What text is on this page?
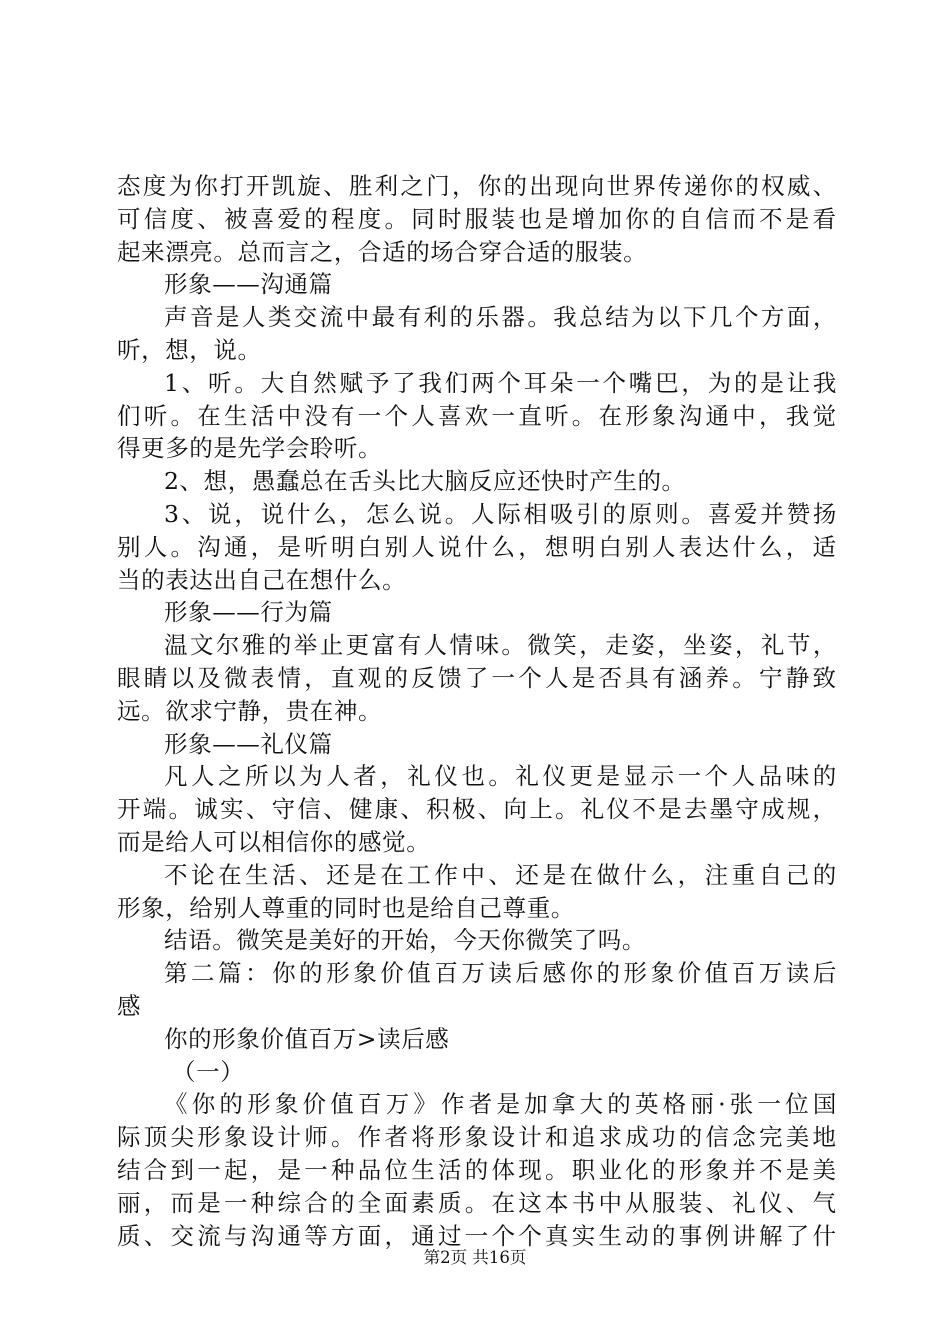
态 度 为 你 打 开 凯 旋 、 胜 利 之 门 ， 你 的 出 现 向 世 界 传 递 你 的 权 威 、
可 信 度 、 被 喜 爱 的 程 度 。 同 时 服 装 也 是 增 加 你 的 自 信 而 不 是 看
起来漂亮。总而言之，合适的场合穿合适的服装。
形象——沟通篇
声 音 是 人 类 交 流 中 最 有 利 的 乐 器 。 我 总 结 为 以 下 几 个 方 面 ，
听，想，说。
1 、 听 。 大 自 然 赋 予 了 我 们 两 个 耳 朵 一 个 嘴 巴 ， 为 的 是 让 我
们 听 。 在 生 活 中 没 有 一 个 人 喜 欢 一 直 听 。 在 形 象 沟 通 中 ， 我 觉
得更多的是先学会聆听。
2、想，愚蠢总在舌头比大脑反应还快时产生的。
3 、 说 ， 说 什 么 ， 怎 么 说 。 人 际 相 吸 引 的 原 则 。 喜 爱 并 赞 扬
别 人 。 沟 通 ， 是 听 明 白 别 人 说 什 么 ， 想 明 白 别 人 表 达 什 么 ， 适
当的表达出自己在想什么。
形象——行为篇
温 文 尔 雅 的 举 止 更 富 有 人 情 味 。 微 笑 ， 走 姿 ， 坐 姿 ， 礼 节 ，
眼 睛 以 及 微 表 情 ， 直 观 的 反 馈 了 一 个 人 是 否 具 有 涵 养 。 宁 静 致
远。欲求宁静，贵在神。
形象——礼仪篇
凡 人 之 所 以 为 人 者 ， 礼 仪 也 。 礼 仪 更 是 显 示 一 个 人 品 味 的
开 端 。 诚 实 、 守 信 、 健 康 、 积 极 、 向 上 。 礼 仪 不 是 去 墨 守 成 规 ，
而是给人可以相信你的感觉。
不 论 在 生 活 、 还 是 在 工 作 中 、 还 是 在 做 什 么 ， 注 重 自 己 的
形象，给别人尊重的同时也是给自己尊重。
结语。微笑是美好的开始，今天你微笑了吗。
第 二 篇 ： 你 的 形 象 价 值 百 万 读 后 感 你 的 形 象 价 值 百 万 读 后
感
你的形象价值百万>读后感
（一）
《 你 的 形 象 价 值 百 万 》 作 者 是 加 拿 大 的 英 格 丽 · 张 一 位 国
际 顶 尖 形 象 设 计 师 。 作 者 将 形 象 设 计 和 追 求 成 功 的 信 念 完 美 地
结 合 到 一 起 ， 是 一 种 品 位 生 活 的 体 现 。 职 业 化 的 形 象 并 不 是 美
丽 ， 而 是 一 种 综 合 的 全 面 素 质 。 在 这 本 书 中 从 服 装 、 礼 仪 、 气
质 、 交 流 与 沟 通 等 方 面 ， 通 过 一 个 个 真 实 生 动 的 事 例 讲 解 了 什
第2页 共16页
